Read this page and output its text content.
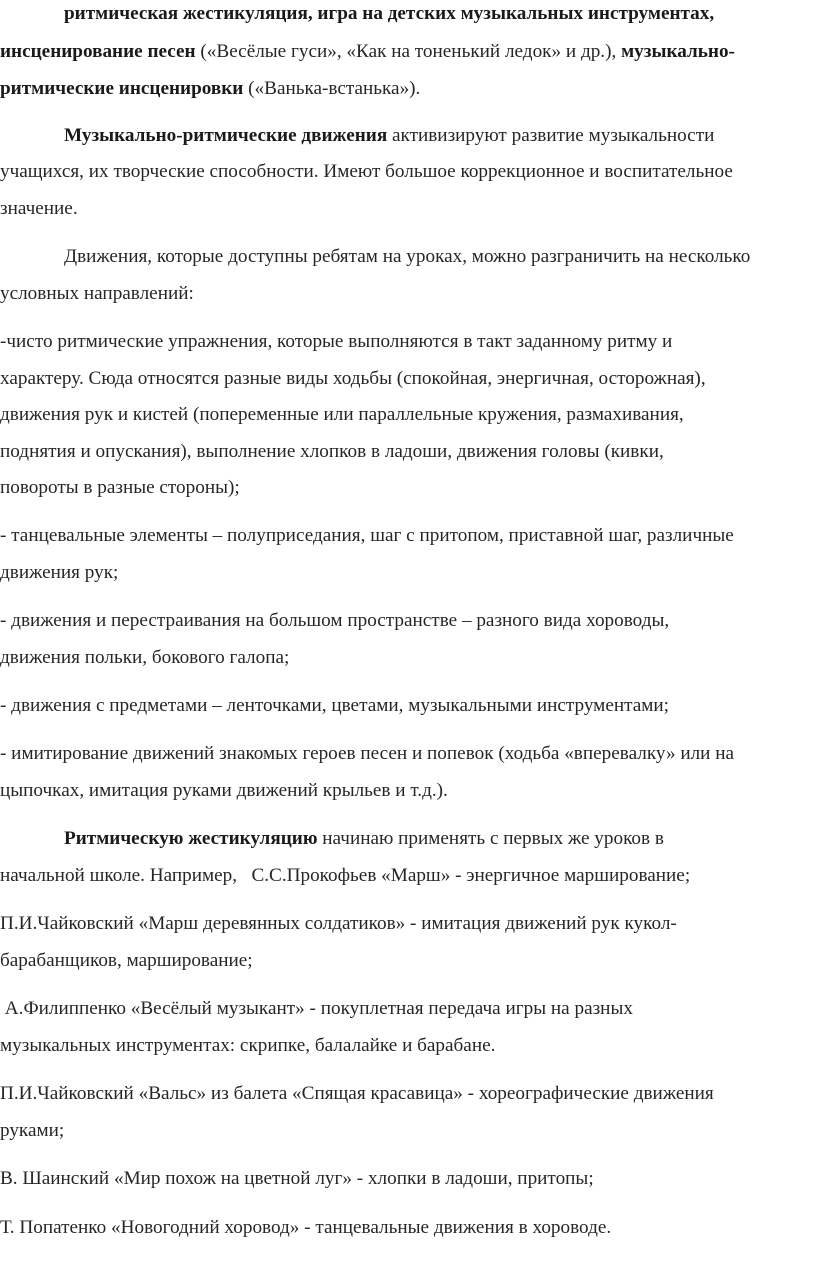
ритмическая жестикуляция, игра на детских музыкальных инструментах,
инсценирование песен («Весёлые гуси», «Как на тоненький ледок» и др.), музыкально-
ритмические инсценировки («Ванька-встанька»).
Музыкально-ритмические движения активизируют развитие музыкальности
учащихся, их творческие способности. Имеют большое коррекционное и воспитательное
значение.
Движения, которые доступны ребятам на уроках, можно разграничить на несколько
условных направлений:
-чисто ритмические упражнения, которые выполняются в такт заданному ритму и
характеру. Сюда относятся разные виды ходьбы (спокойная, энергичная, осторожная),
движения рук и кистей (попеременные или параллельные кружения, размахивания,
поднятия и опускания), выполнение хлопков в ладоши, движения головы (кивки,
повороты в разные стороны);
- танцевальные элементы – полуприседания, шаг с притопом, приставной шаг, различные
движения рук;
- движения и перестраивания на большом пространстве – разного вида хороводы,
движения польки, бокового галопа;
- движения с предметами – ленточками, цветами, музыкальными инструментами;
- имитирование движений знакомых героев песен и попевок (ходьба «вперевалку» или на
цыпочках, имитация руками движений крыльев и т.д.).
Ритмическую жестикуляцию начинаю применять с первых же уроков в
начальной школе. Например,   С.С.Прокофьев «Марш» - энергичное марширование;
П.И.Чайковский «Марш деревянных солдатиков» - имитация движений рук кукол-
барабанщиков, марширование;
А.Филиппенко «Весёлый музыкант» - покуплетная передача игры на разных
музыкальных инструментах: скрипке, балалайке и барабане.
П.И.Чайковский «Вальс» из балета «Спящая красавица» - хореографические движения
руками;
В. Шаинский «Мир похож на цветной луг» - хлопки в ладоши, притопы;
Т. Попатенко «Новогодний хоровод» - танцевальные движения в хороводе.
